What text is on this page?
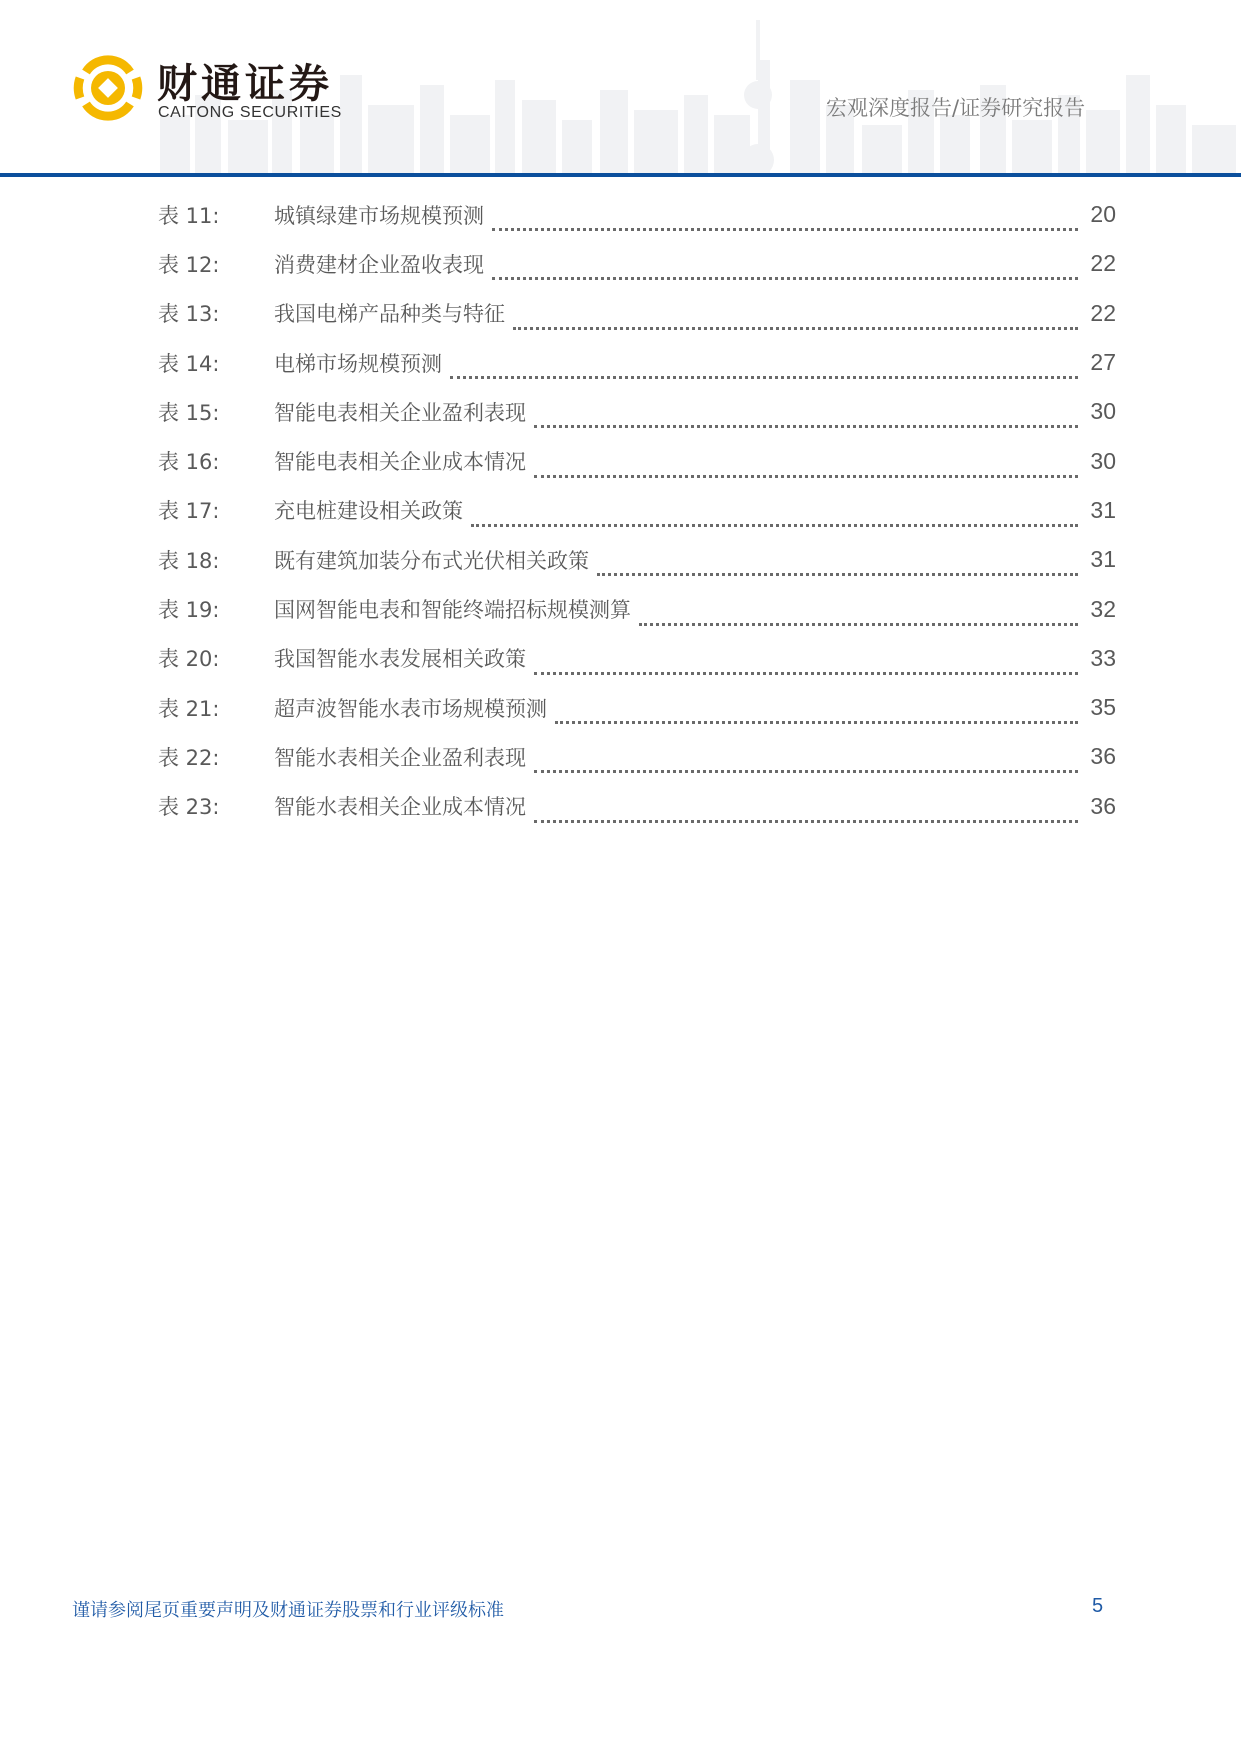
财通证券
CAITONG SECURITIES	宏观深度报告/证券研究报告
表 11:	城镇绿建市场规模预测	20
表 12:	消费建材企业盈收表现	22
表 13:	我国电梯产品种类与特征	22
表 14:	电梯市场规模预测	27
表 15:	智能电表相关企业盈利表现	30
表 16:	智能电表相关企业成本情况	30
表 17:	充电桩建设相关政策	31
表 18:	既有建筑加装分布式光伏相关政策	31
表 19:	国网智能电表和智能终端招标规模测算	32
表 20:	我国智能水表发展相关政策	33
表 21:	超声波智能水表市场规模预测	35
表 22:	智能水表相关企业盈利表现	36
表 23:	智能水表相关企业成本情况	36
谨请参阅尾页重要声明及财通证券股票和行业评级标准	5
